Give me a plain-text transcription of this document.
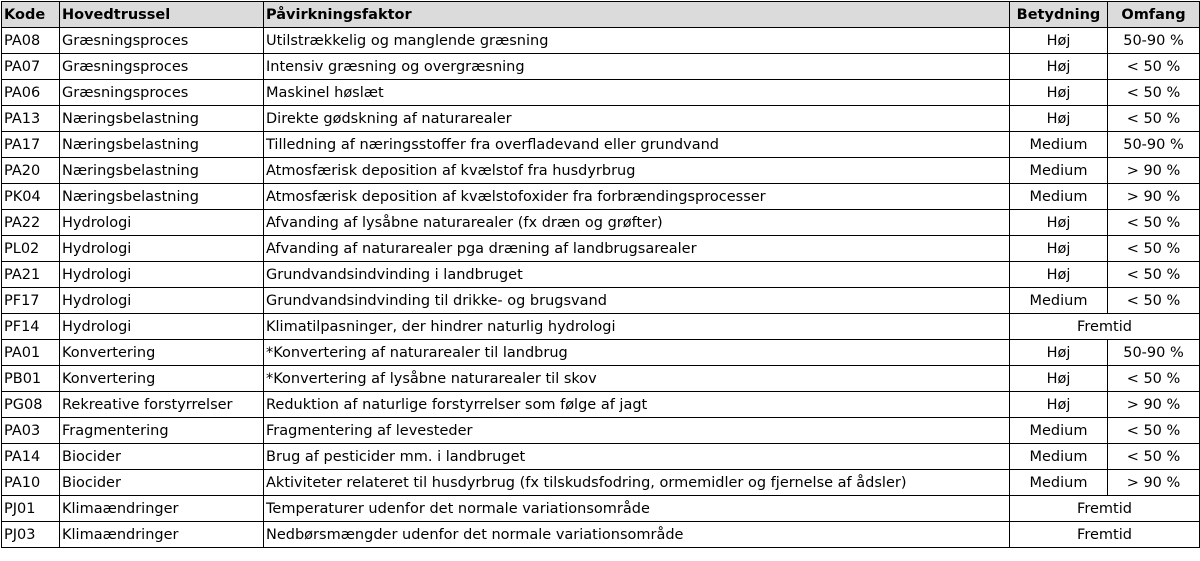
Kode	Hovedtrussel	Påvirkningsfaktor	Betydning	Omfang
PA08	Græsningsproces	Utilstrækkelig og manglende græsning	Høj	50-90 %
PA07	Græsningsproces	Intensiv græsning og overgræsning	Høj	< 50 %
PA06	Græsningsproces	Maskinel høslæt	Høj	< 50 %
PA13	Næringsbelastning	Direkte gødskning af naturarealer	Høj	< 50 %
PA17	Næringsbelastning	Tilledning af næringsstoffer fra overfladevand eller grundvand	Medium	50-90 %
PA20	Næringsbelastning	Atmosfærisk deposition af kvælstof fra husdyrbrug	Medium	> 90 %
PK04	Næringsbelastning	Atmosfærisk deposition af kvælstofoxider fra forbrændingsprocesser	Medium	> 90 %
PA22	Hydrologi	Afvanding af lysåbne naturarealer (fx dræn og grøfter)	Høj	< 50 %
PL02	Hydrologi	Afvanding af naturarealer pga dræning af landbrugsarealer	Høj	< 50 %
PA21	Hydrologi	Grundvandsindvinding i landbruget	Høj	< 50 %
PF17	Hydrologi	Grundvandsindvinding til drikke- og brugsvand	Medium	< 50 %
PF14	Hydrologi	Klimatilpasninger, der hindrer naturlig hydrologi	Fremtid	
PA01	Konvertering	*Konvertering af naturarealer til landbrug	Høj	50-90 %
PB01	Konvertering	*Konvertering af lysåbne naturarealer til skov	Høj	< 50 %
PG08	Rekreative forstyrrelser	Reduktion af naturlige forstyrrelser som følge af jagt	Høj	> 90 %
PA03	Fragmentering	Fragmentering af levesteder	Medium	< 50 %
PA14	Biocider	Brug af pesticider mm. i landbruget	Medium	< 50 %
PA10	Biocider	Aktiviteter relateret til husdyrbrug (fx tilskudsfodring, ormemidler og fjernelse af ådsler)	Medium	> 90 %
PJ01	Klimaændringer	Temperaturer udenfor det normale variationsområde	Fremtid	
PJ03	Klimaændringer	Nedbørsmængder udenfor det normale variationsområde	Fremtid	
